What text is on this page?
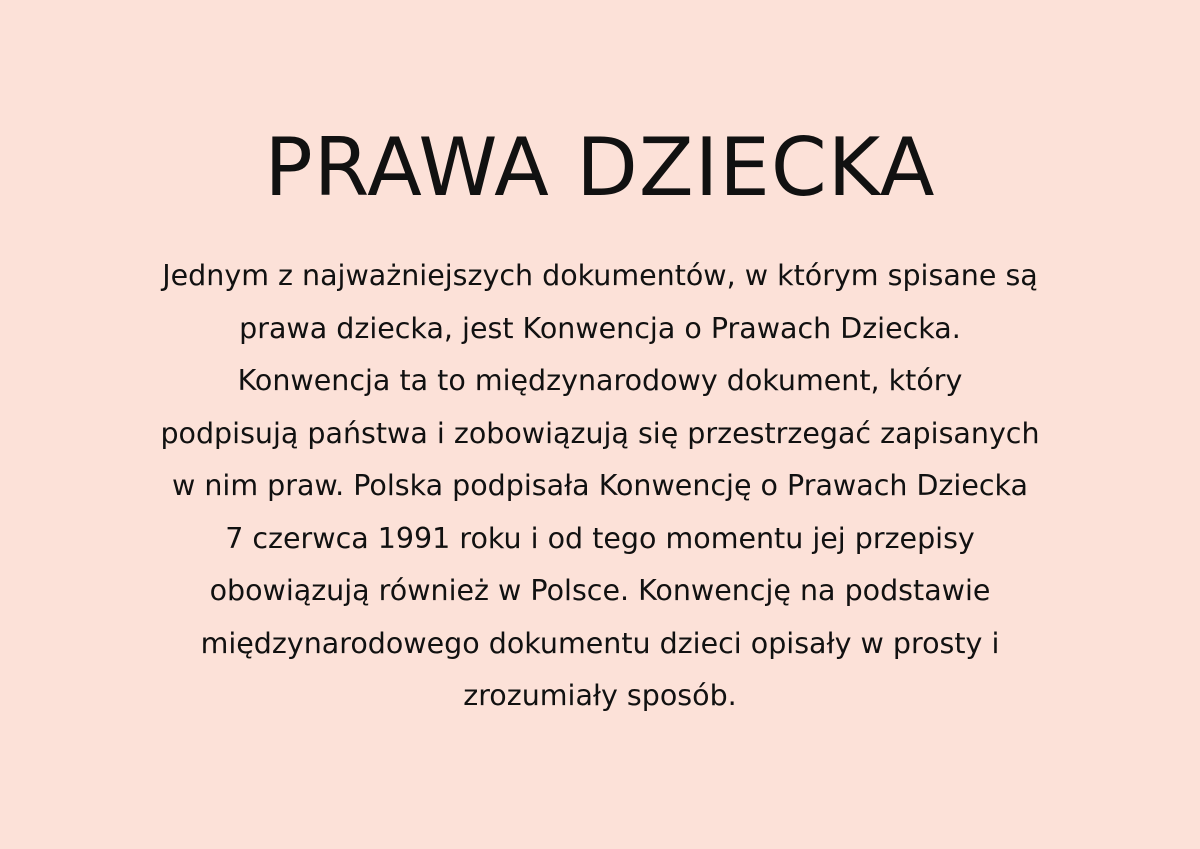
PRAWA DZIECKA
Jednym z najważniejszych dokumentów, w którym spisane są
prawa dziecka, jest Konwencja o Prawach Dziecka.
Konwencja ta to międzynarodowy dokument, który
podpisują państwa i zobowiązują się przestrzegać zapisanych
w nim praw. Polska podpisała Konwencję o Prawach Dziecka
7 czerwca 1991 roku i od tego momentu jej przepisy
obowiązują również w Polsce. Konwencję na podstawie
międzynarodowego dokumentu dzieci opisały w prosty i
zrozumiały sposób.
